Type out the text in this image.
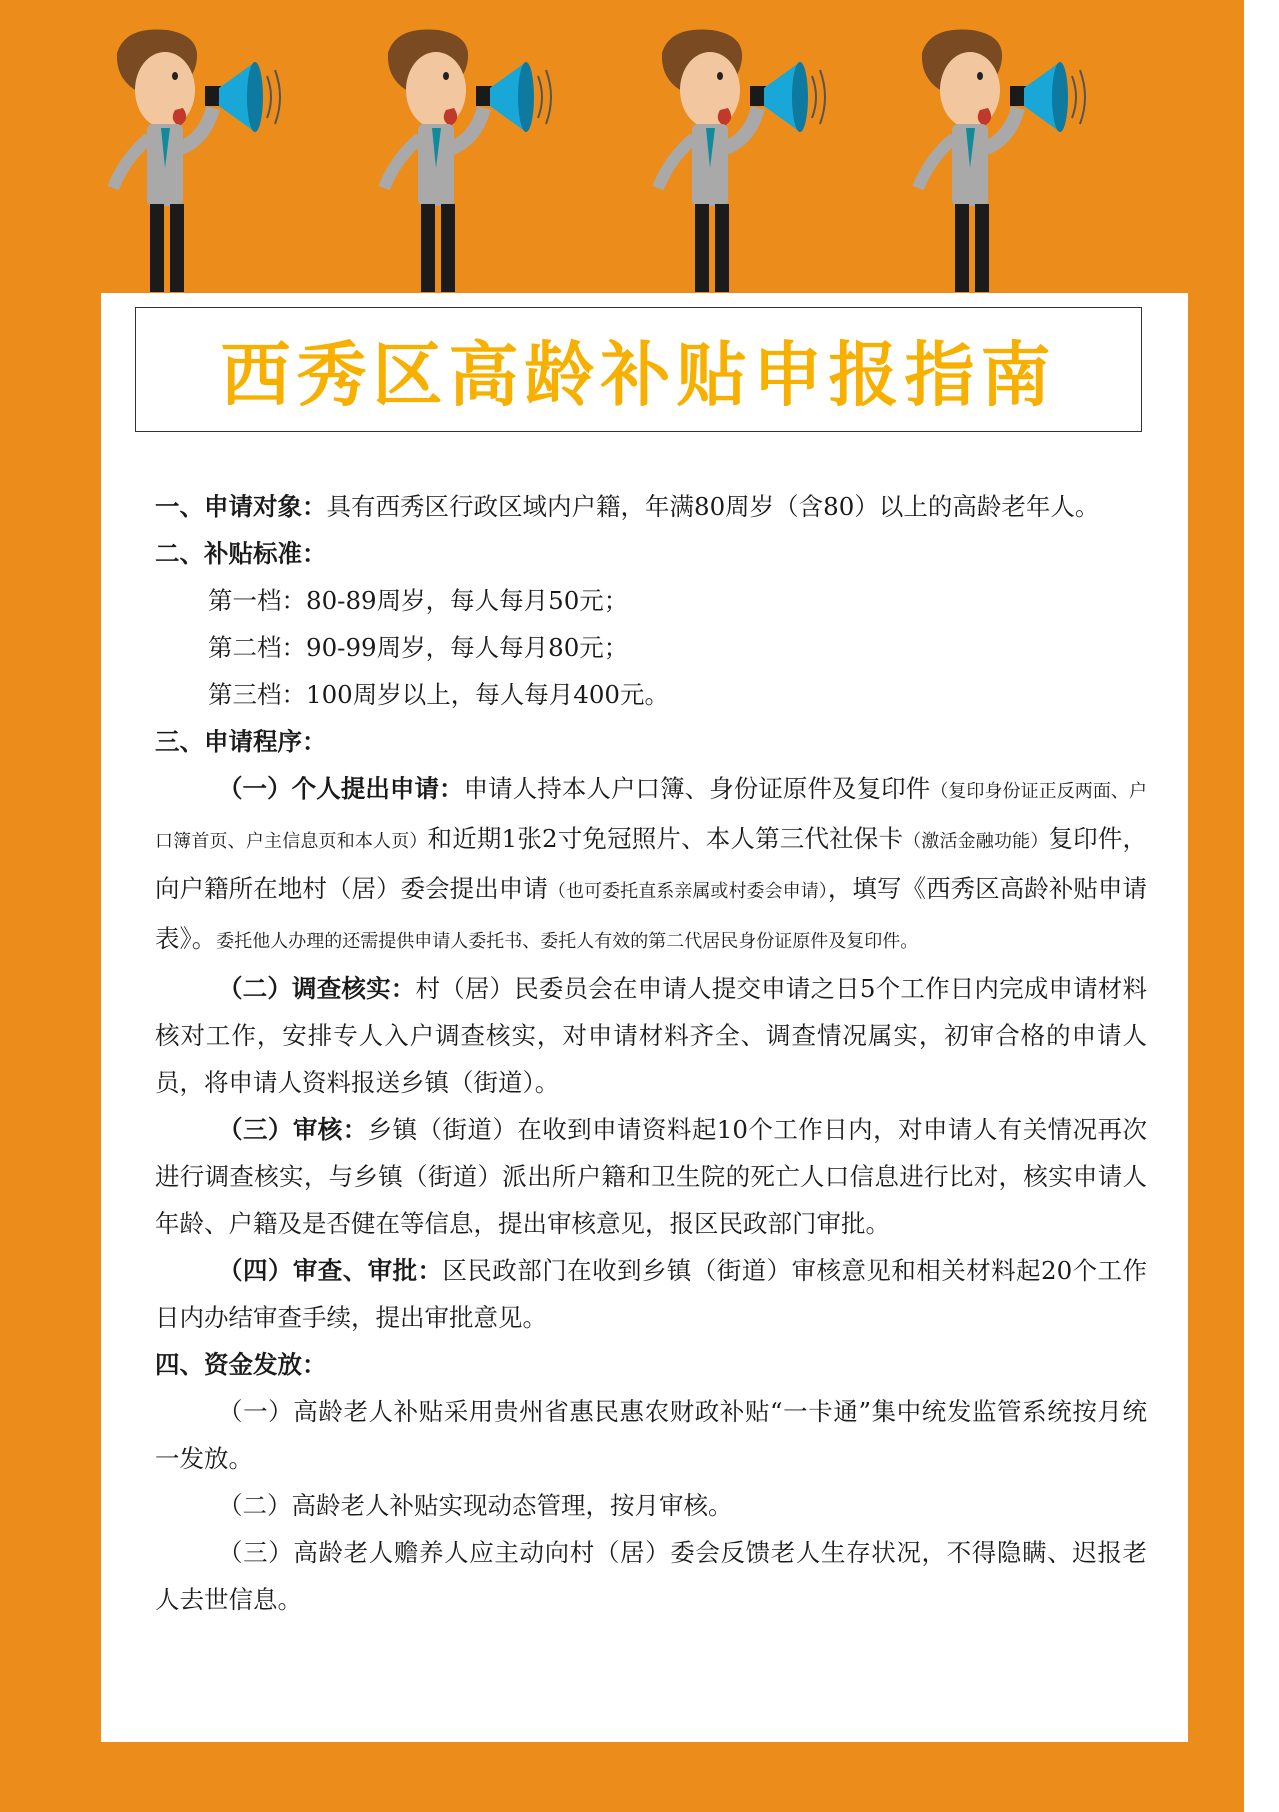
西秀区高龄补贴申报指南

一、申请对象：具有西秀区行政区域内户籍，年满80周岁（含80）以上的高龄老年人。

二、补贴标准：

第一档：80-89周岁，每人每月50元；

第二档：90-99周岁，每人每月80元；

第三档：100周岁以上，每人每月400元。

三、申请程序：

（一）个人提出申请：申请人持本人户口簿、身份证原件及复印件（复印身份证正反两面、户口簿首页、户主信息页和本人页）和近期1张2寸免冠照片、本人第三代社保卡（激活金融功能）复印件，向户籍所在地村（居）委会提出申请（也可委托直系亲属或村委会申请），填写《西秀区高龄补贴申请表》。委托他人办理的还需提供申请人委托书、委托人有效的第二代居民身份证原件及复印件。

（二）调查核实：村（居）民委员会在申请人提交申请之日5个工作日内完成申请材料核对工作，安排专人入户调查核实，对申请材料齐全、调查情况属实，初审合格的申请人员，将申请人资料报送乡镇（街道）。

（三）审核：乡镇（街道）在收到申请资料起10个工作日内，对申请人有关情况再次进行调查核实，与乡镇（街道）派出所户籍和卫生院的死亡人口信息进行比对，核实申请人年龄、户籍及是否健在等信息，提出审核意见，报区民政部门审批。

（四）审查、审批：区民政部门在收到乡镇（街道）审核意见和相关材料起20个工作日内办结审查手续，提出审批意见。

四、资金发放：

（一）高龄老人补贴采用贵州省惠民惠农财政补贴“一卡通”集中统发监管系统按月统一发放。

（二）高龄老人补贴实现动态管理，按月审核。

（三）高龄老人赡养人应主动向村（居）委会反馈老人生存状况，不得隐瞒、迟报老人去世信息。
